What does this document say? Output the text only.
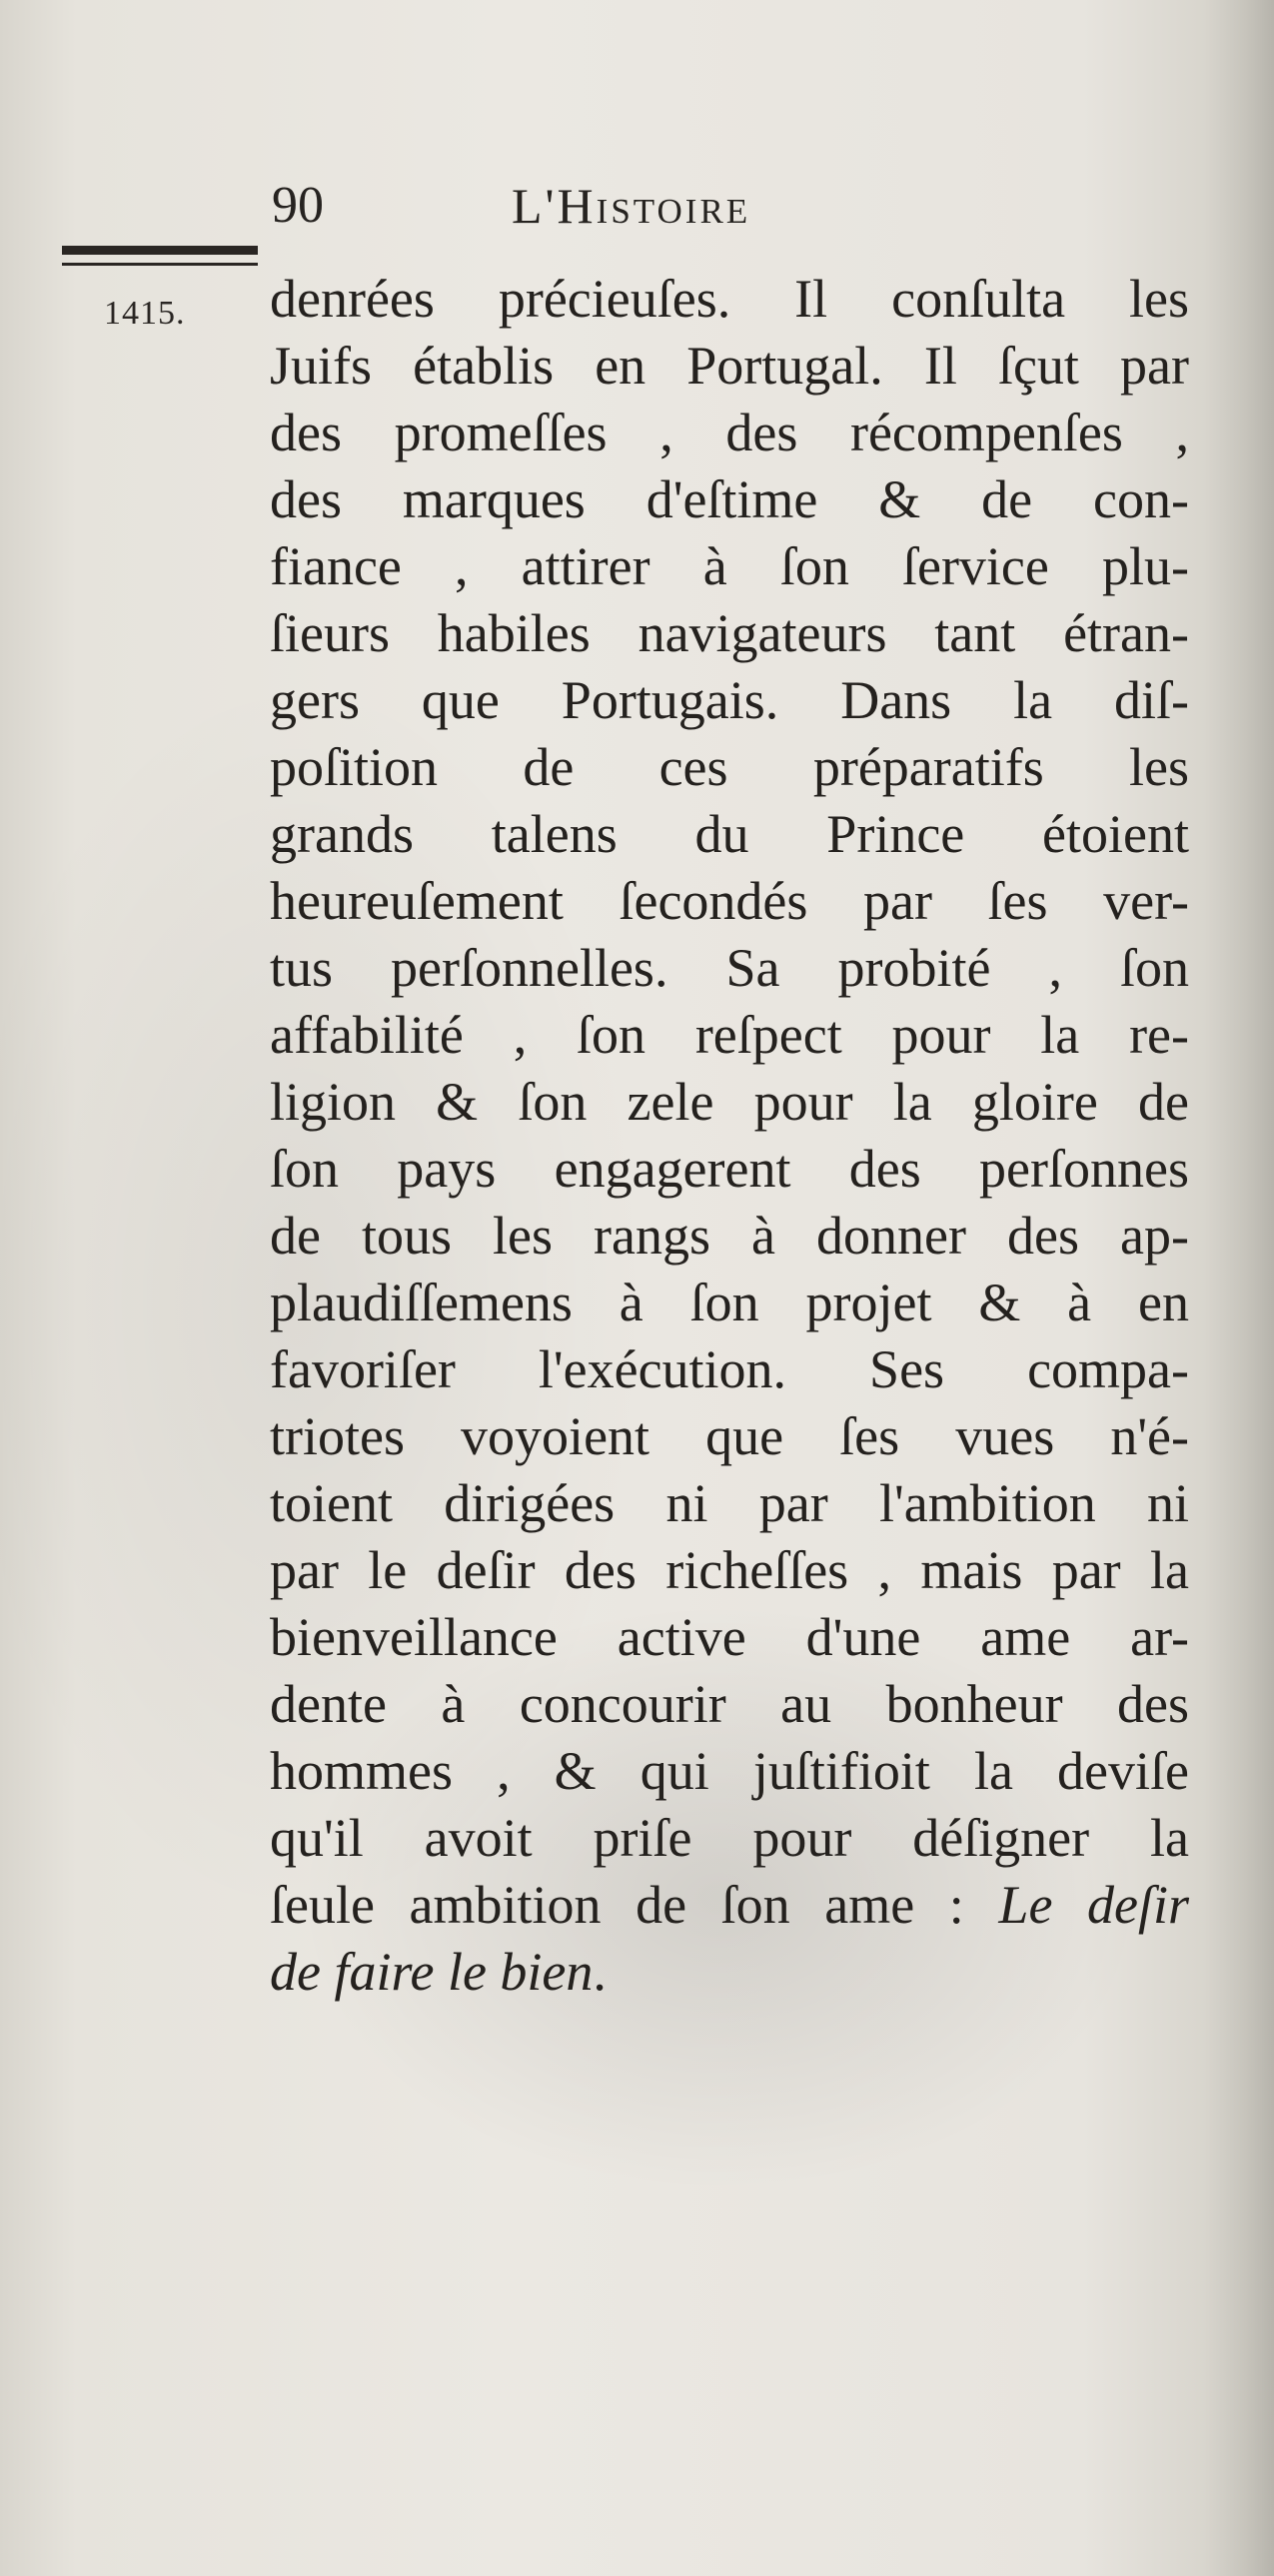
90	L'Histoire
1415. denrées précieuſes. Il conſulta les
Juifs établis en Portugal. Il ſçut par
des promeſſes , des récompenſes ,
des marques d'eſtime & de con-
fiance , attirer à ſon ſervice plu-
ſieurs habiles navigateurs tant étran-
gers que Portugais. Dans la diſ-
poſition de ces préparatifs les
grands talens du Prince étoient
heureuſement ſecondés par ſes ver-
tus perſonnelles. Sa probité , ſon
affabilité , ſon reſpect pour la re-
ligion & ſon zele pour la gloire de
ſon pays engagerent des perſonnes
de tous les rangs à donner des ap-
plaudiſſemens à ſon projet & à en
favoriſer l'exécution. Ses compa-
triotes voyoient que ſes vues n'é-
toient dirigées ni par l'ambition ni
par le deſir des richeſſes , mais par la
bienveillance active d'une ame ar-
dente à concourir au bonheur des
hommes , & qui juſtifioit la deviſe
qu'il avoit priſe pour déſigner la
ſeule ambition de ſon ame : Le deſir
de faire le bien.
